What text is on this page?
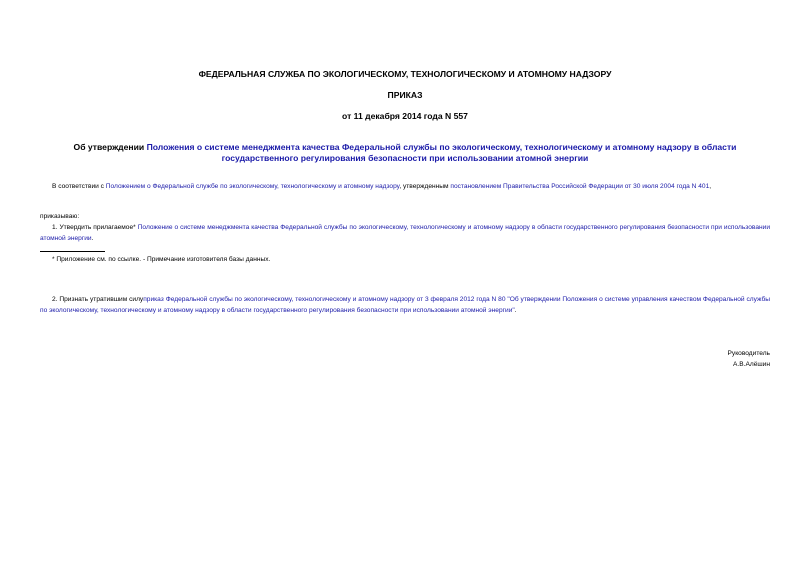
ФЕДЕРАЛЬНАЯ СЛУЖБА ПО ЭКОЛОГИЧЕСКОМУ, ТЕХНОЛОГИЧЕСКОМУ И АТОМНОМУ НАДЗОРУ
ПРИКАЗ
от 11 декабря 2014 года N 557
Об утверждении Положения о системе менеджмента качества Федеральной службы по экологическому, технологическому и атомному надзору в области государственного регулирования безопасности при использовании атомной энергии
В соответствии с Положением о Федеральной службе по экологическому, технологическому и атомному надзору, утвержденным постановлением Правительства Российской Федерации от 30 июля 2004 года N 401,
приказываю:
1. Утвердить прилагаемое* Положение о системе менеджмента качества Федеральной службы по экологическому, технологическому и атомному надзору в области государственного регулирования безопасности при использовании атомной энергии.
* Приложение см. по ссылке. - Примечание изготовителя базы данных.
2. Признать утратившим силуприказ Федеральной службы по экологическому, технологическому и атомному надзору от 3 февраля 2012 года N 80 "Об утверждении Положения о системе управления качеством Федеральной службы по экологическому, технологическому и атомному надзору в области государственного регулирования безопасности при использовании атомной энергии".
Руководитель
А.В.Алёшин
